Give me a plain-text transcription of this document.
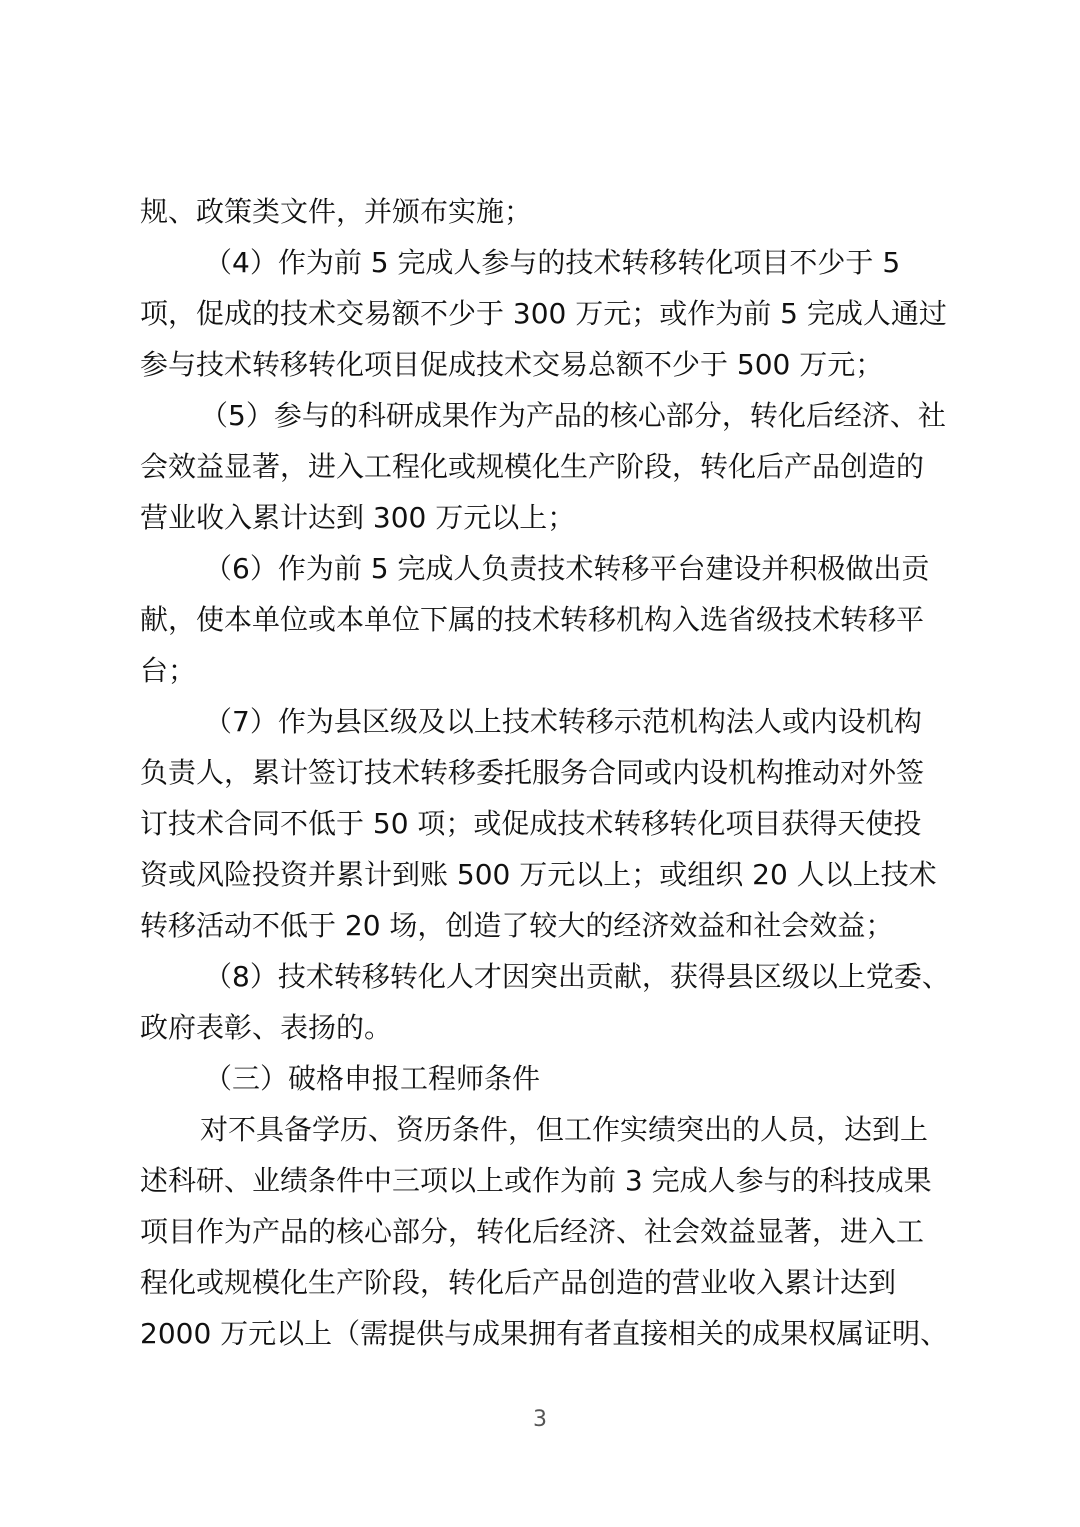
规、政策类文件，并颁布实施；
（4）作为前 5 完成人参与的技术转移转化项目不少于 5
项，促成的技术交易额不少于 300 万元；或作为前 5 完成人通过
参与技术转移转化项目促成技术交易总额不少于 500 万元；
（5）参与的科研成果作为产品的核心部分，转化后经济、社
会效益显著，进入工程化或规模化生产阶段，转化后产品创造的
营业收入累计达到 300 万元以上；
（6）作为前 5 完成人负责技术转移平台建设并积极做出贡
献，使本单位或本单位下属的技术转移机构入选省级技术转移平
台；
（7）作为县区级及以上技术转移示范机构法人或内设机构
负责人，累计签订技术转移委托服务合同或内设机构推动对外签
订技术合同不低于 50 项；或促成技术转移转化项目获得天使投
资或风险投资并累计到账 500 万元以上；或组织 20 人以上技术
转移活动不低于 20 场，创造了较大的经济效益和社会效益；
（8）技术转移转化人才因突出贡献，获得县区级以上党委、
政府表彰、表扬的。
（三）破格申报工程师条件
对不具备学历、资历条件，但工作实绩突出的人员，达到上
述科研、业绩条件中三项以上或作为前 3 完成人参与的科技成果
项目作为产品的核心部分，转化后经济、社会效益显著，进入工
程化或规模化生产阶段，转化后产品创造的营业收入累计达到
2000 万元以上（需提供与成果拥有者直接相关的成果权属证明、
3
